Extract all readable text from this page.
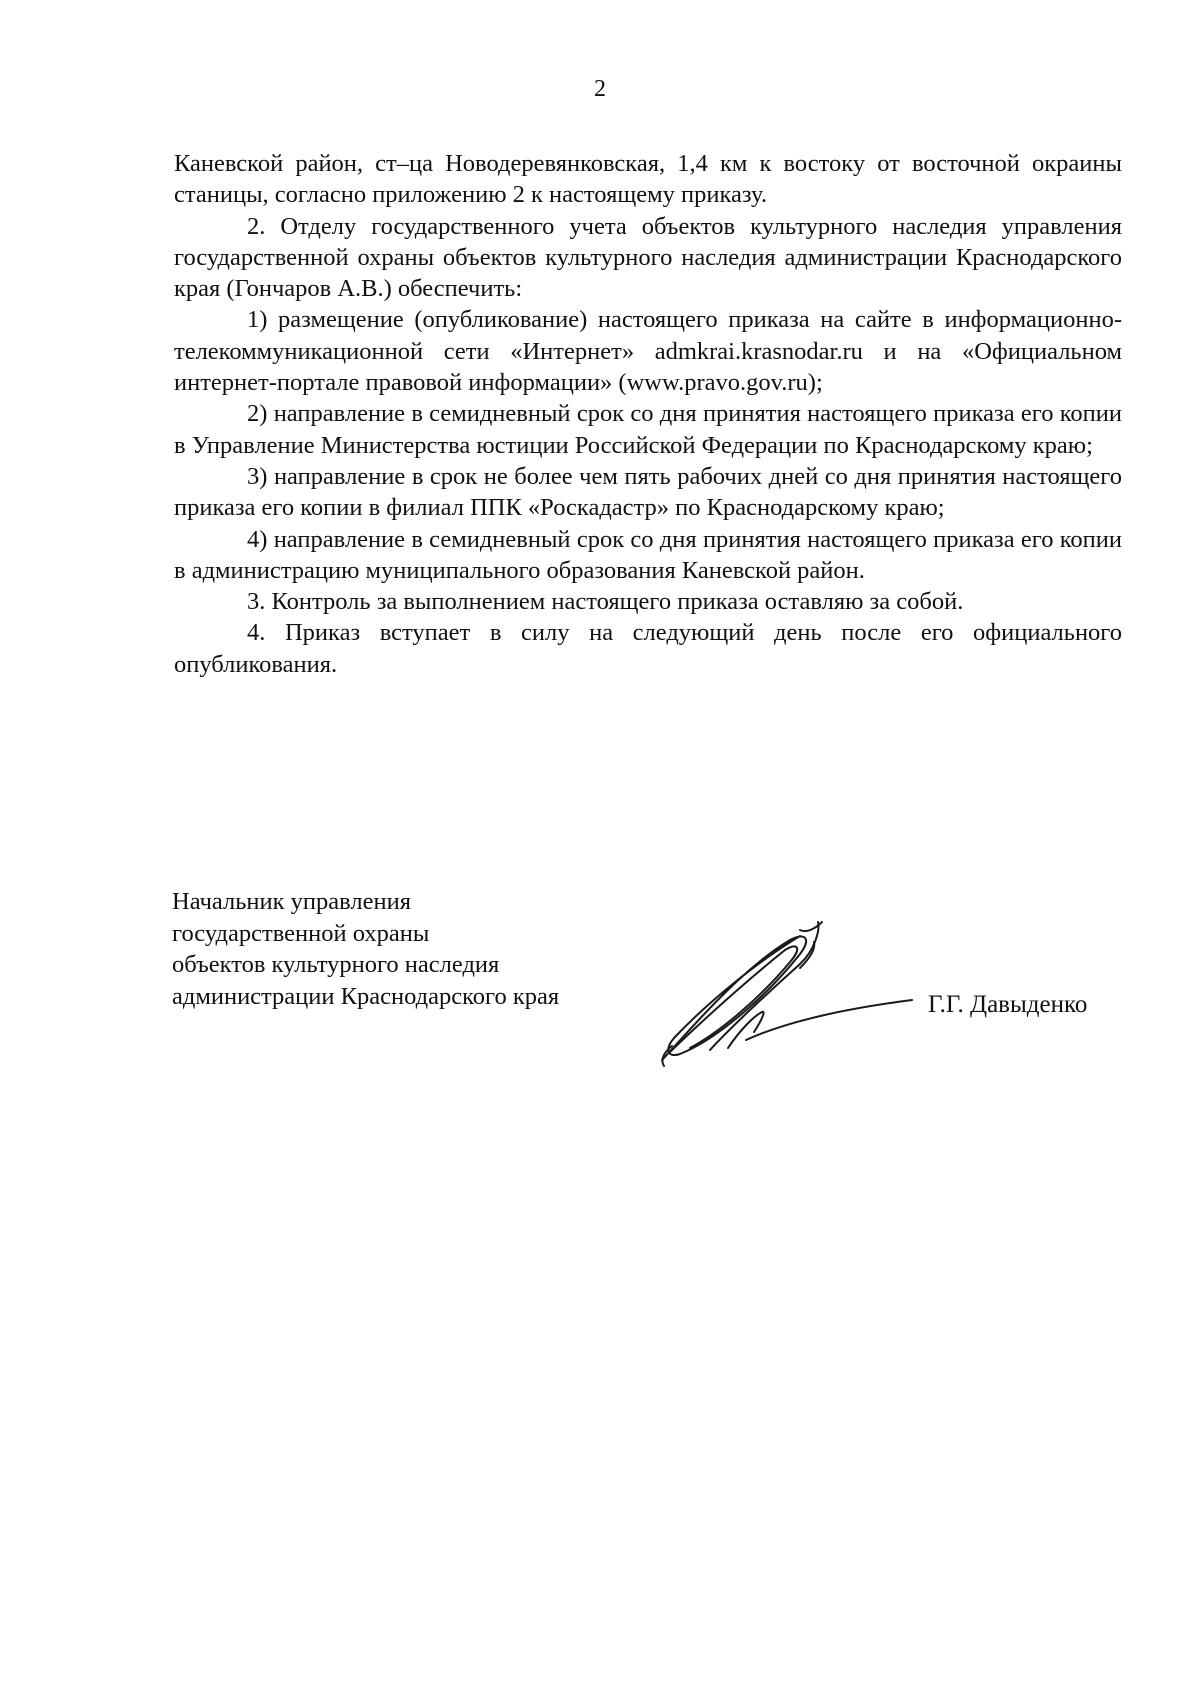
2

Каневской район, ст–ца Новодеревянковская, 1,4 км к востоку от восточной окраины станицы, согласно приложению 2 к настоящему приказу.

2. Отделу государственного учета объектов культурного наследия управления государственной охраны объектов культурного наследия администрации Краснодарского края (Гончаров А.В.) обеспечить:

1) размещение (опубликование) настоящего приказа на сайте в информационно-телекоммуникационной сети «Интернет» admkrai.krasnodar.ru и на «Официальном интернет-портале правовой информации» (www.pravo.gov.ru);

2) направление в семидневный срок со дня принятия настоящего приказа его копии в Управление Министерства юстиции Российской Федерации по Краснодарскому краю;

3) направление в срок не более чем пять рабочих дней со дня принятия настоящего приказа его копии в филиал ППК «Роскадастр» по Краснодарскому краю;

4) направление в семидневный срок со дня принятия настоящего приказа его копии в администрацию муниципального образования Каневской район.

3. Контроль за выполнением настоящего приказа оставляю за собой.

4. Приказ вступает в силу на следующий день после его официального опубликования.

Начальник управления
государственной охраны
объектов культурного наследия
администрации Краснодарского края	Г.Г. Давыденко
